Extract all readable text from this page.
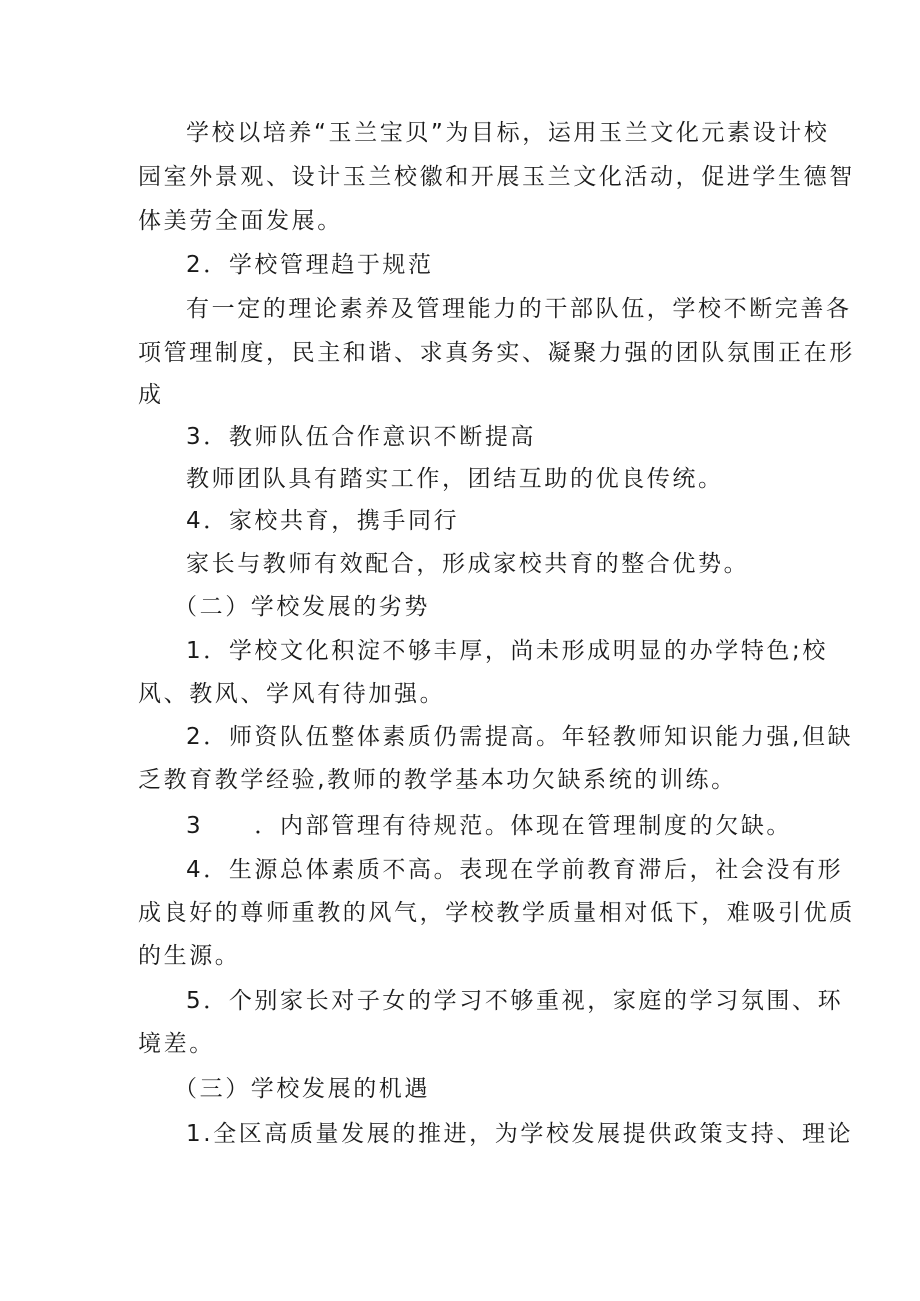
学校以培养“玉兰宝贝”为目标，运用玉兰文化元素设计校
园室外景观、设计玉兰校徽和开展玉兰文化活动，促进学生德智
体美劳全面发展。
2．学校管理趋于规范
有一定的理论素养及管理能力的干部队伍，学校不断完善各
项管理制度，民主和谐、求真务实、凝聚力强的团队氛围正在形
成
3．教师队伍合作意识不断提高
教师团队具有踏实工作，团结互助的优良传统。
4．家校共育，携手同行
家长与教师有效配合，形成家校共育的整合优势。
（二）学校发展的劣势
1．学校文化积淀不够丰厚，尚未形成明显的办学特色;校
风、教风、学风有待加强。
2．师资队伍整体素质仍需提高。年轻教师知识能力强,但缺
乏教育教学经验,教师的教学基本功欠缺系统的训练。
3　　．内部管理有待规范。体现在管理制度的欠缺。
4．生源总体素质不高。表现在学前教育滞后，社会没有形
成良好的尊师重教的风气，学校教学质量相对低下，难吸引优质
的生源。
5．个别家长对子女的学习不够重视，家庭的学习氛围、环
境差。
（三）学校发展的机遇
1.全区高质量发展的推进，为学校发展提供政策支持、理论
